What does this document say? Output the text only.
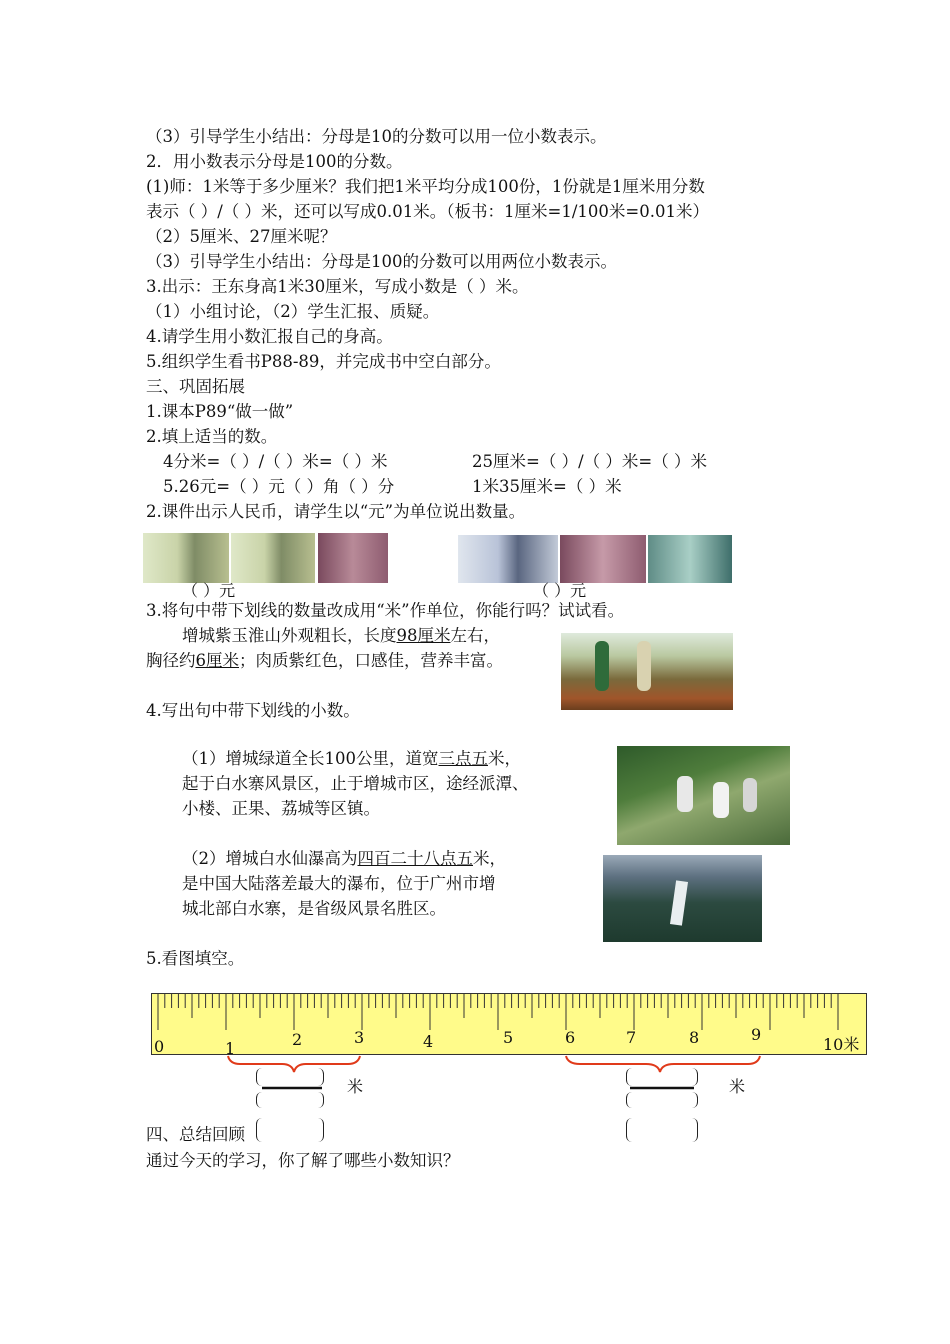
（3）引导学生小结出：分母是10的分数可以用一位小数表示。
2．用小数表示分母是100的分数。
(1)师：1米等于多少厘米？我们把1米平均分成100份，1份就是1厘米用分数
表示（ ）/（ ）米，还可以写成0.01米。（板书：1厘米=1/100米=0.01米）
（2）5厘米、27厘米呢？
（3）引导学生小结出：分母是100的分数可以用两位小数表示。
3.出示：王东身高1米30厘米，写成小数是（ ）米。
（1）小组讨论，（2）学生汇报、质疑。
4.请学生用小数汇报自己的身高。
5.组织学生看书P88-89，并完成书中空白部分。
三、巩固拓展
1.课本P89“做一做”
2.填上适当的数。
4分米=（ ）/（ ）米=（ ）米	25厘米=（ ）/（ ）米=（ ）米
5.26元=（ ）元（ ）角（ ）分	1米35厘米=（ ）米
2.课件出示人民币，请学生以“元”为单位说出数量。
（ ）元	（ ）元
3.将句中带下划线的数量改成用“米”作单位，你能行吗？试试看。
增城紫玉淮山外观粗长，长度98厘米左右，
胸径约6厘米；肉质紫红色，口感佳，营养丰富。
4.写出句中带下划线的小数。
（1）增城绿道全长100公里，道宽三点五米，
起于白水寨风景区，止于增城市区，途经派潭、
小楼、正果、荔城等区镇。
（2）增城白水仙瀑高为四百二十八点五米，
是中国大陆落差最大的瀑布，位于广州市增
城北部白水寨，是省级风景名胜区。
5.看图填空。
0	1	2	3	4	5	6	7	8	9
10米
米	米
四、总结回顾
通过今天的学习，你了解了哪些小数知识？
